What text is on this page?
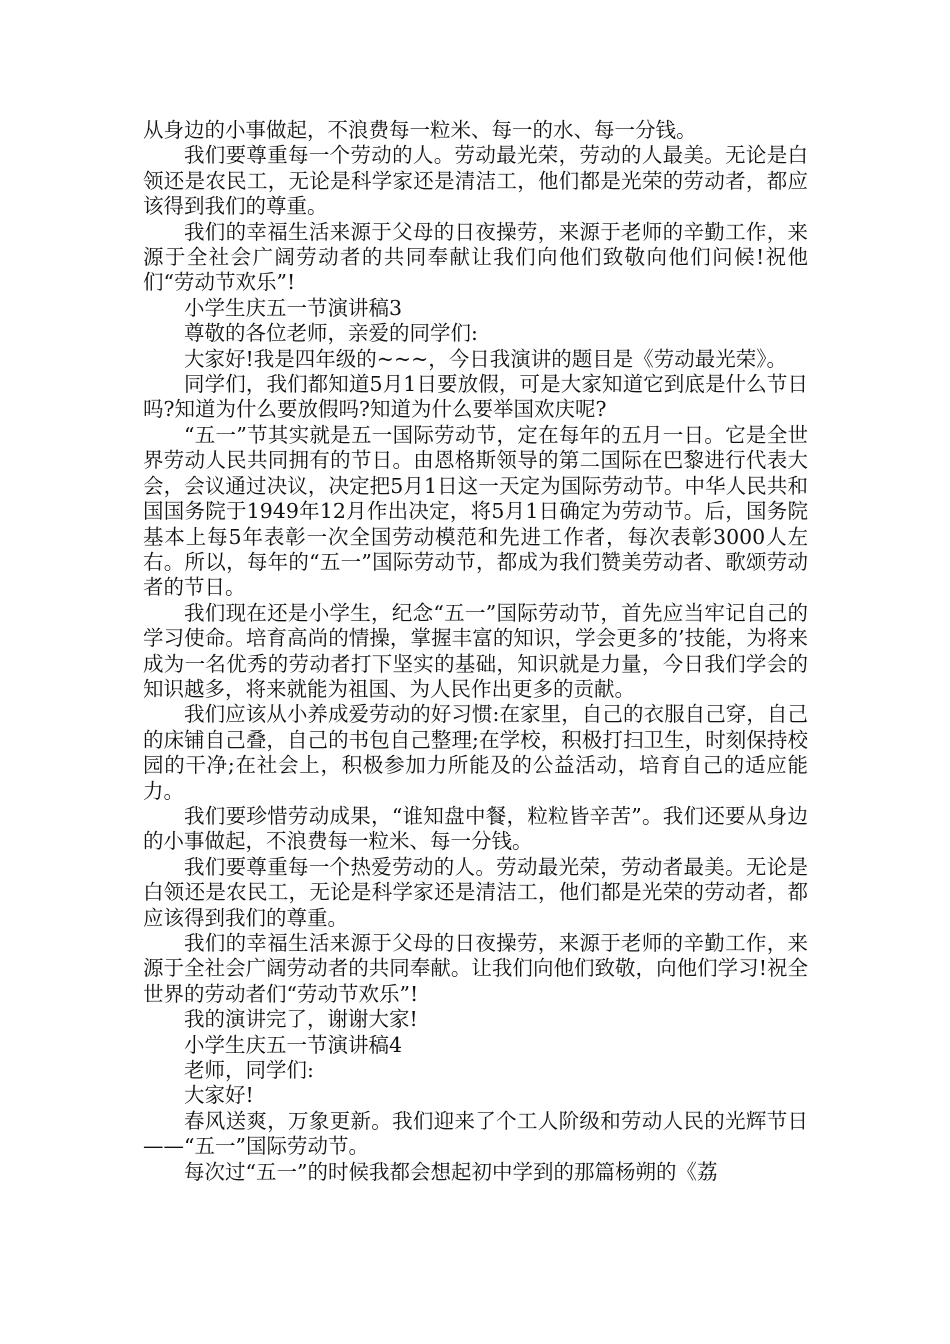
从身边的小事做起，不浪费每一粒米、每一的水、每一分钱。

我们要尊重每一个劳动的人。劳动最光荣，劳动的人最美。无论是白领还是农民工，无论是科学家还是清洁工，他们都是光荣的劳动者，都应该得到我们的尊重。

我们的幸福生活来源于父母的日夜操劳，来源于老师的辛勤工作，来源于全社会广阔劳动者的共同奉献让我们向他们致敬向他们问候!祝他们“劳动节欢乐”!

小学生庆五一节演讲稿3

尊敬的各位老师，亲爱的同学们:

大家好!我是四年级的~~~，今日我演讲的题目是《劳动最光荣》。

同学们，我们都知道5月1日要放假，可是大家知道它到底是什么节日吗?知道为什么要放假吗?知道为什么要举国欢庆呢?

“五一”节其实就是五一国际劳动节，定在每年的五月一日。它是全世界劳动人民共同拥有的节日。由恩格斯领导的第二国际在巴黎进行代表大会，会议通过决议，决定把5月1日这一天定为国际劳动节。中华人民共和国国务院于1949年12月作出决定，将5月1日确定为劳动节。后，国务院基本上每5年表彰一次全国劳动模范和先进工作者，每次表彰3000人左右。所以，每年的“五一”国际劳动节，都成为我们赞美劳动者、歌颂劳动者的节日。

我们现在还是小学生，纪念“五一”国际劳动节，首先应当牢记自己的学习使命。培育高尚的情操，掌握丰富的知识，学会更多的’技能，为将来成为一名优秀的劳动者打下坚实的基础，知识就是力量，今日我们学会的知识越多，将来就能为祖国、为人民作出更多的贡献。

我们应该从小养成爱劳动的好习惯:在家里，自己的衣服自己穿，自己的床铺自己叠，自己的书包自己整理;在学校，积极打扫卫生，时刻保持校园的干净;在社会上，积极参加力所能及的公益活动，培育自己的适应能力。

我们要珍惜劳动成果，“谁知盘中餐，粒粒皆辛苦”。我们还要从身边的小事做起，不浪费每一粒米、每一分钱。

我们要尊重每一个热爱劳动的人。劳动最光荣，劳动者最美。无论是白领还是农民工，无论是科学家还是清洁工，他们都是光荣的劳动者，都应该得到我们的尊重。

我们的幸福生活来源于父母的日夜操劳，来源于老师的辛勤工作，来源于全社会广阔劳动者的共同奉献。让我们向他们致敬，向他们学习!祝全世界的劳动者们“劳动节欢乐”!

我的演讲完了，谢谢大家!

小学生庆五一节演讲稿4

老师，同学们:

大家好!

春风送爽，万象更新。我们迎来了个工人阶级和劳动人民的光辉节日——“五一”国际劳动节。

每次过“五一”的时候我都会想起初中学到的那篇杨朔的《荔
